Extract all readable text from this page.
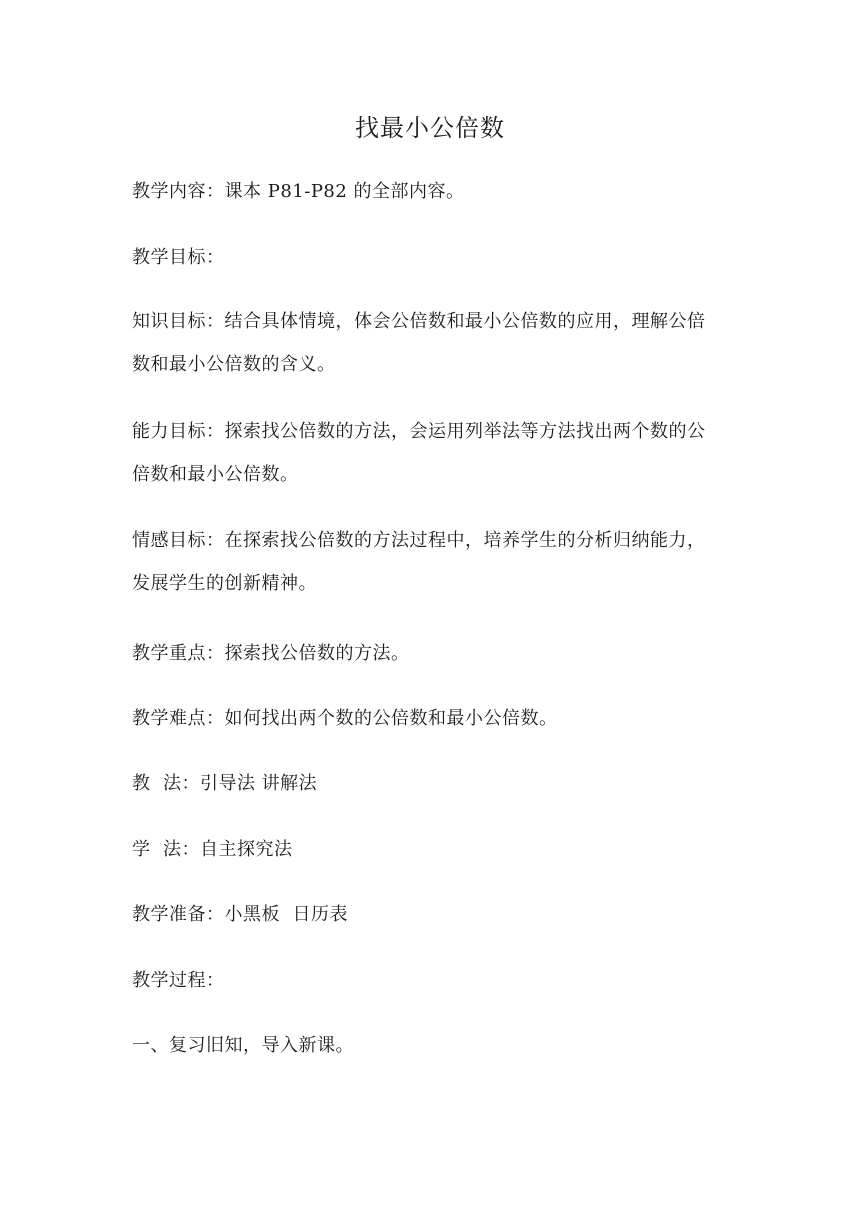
找最小公倍数
教学内容：课本 P81-P82 的全部内容。
教学目标：
知识目标：结合具体情境，体会公倍数和最小公倍数的应用，理解公倍
数和最小公倍数的含义。
能力目标：探索找公倍数的方法，会运用列举法等方法找出两个数的公
倍数和最小公倍数。
情感目标：在探索找公倍数的方法过程中，培养学生的分析归纳能力，
发展学生的创新精神。
教学重点：探索找公倍数的方法。
教学难点：如何找出两个数的公倍数和最小公倍数。
教  法：引导法 讲解法
学  法：自主探究法
教学准备：小黑板  日历表
教学过程：
一、复习旧知，导入新课。
